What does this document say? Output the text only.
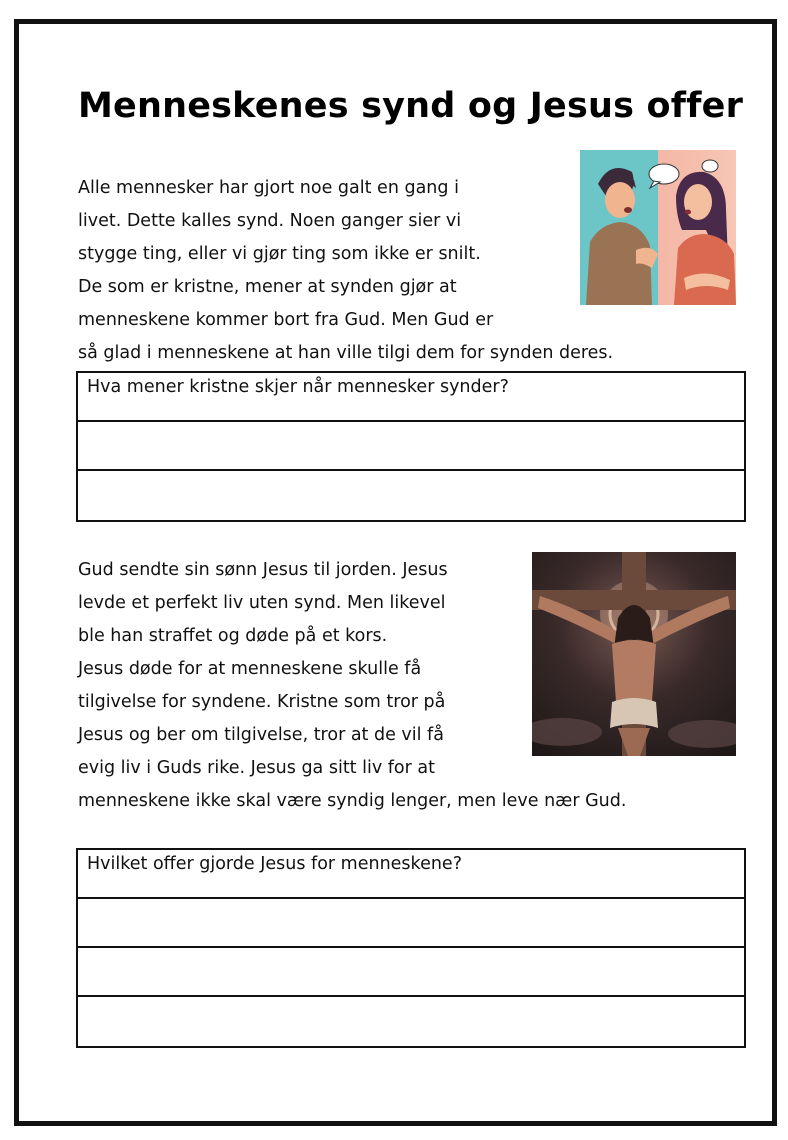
Menneskenes synd og Jesus offer
Alle mennesker har gjort noe galt en gang i
livet. Dette kalles synd. Noen ganger sier vi
stygge ting, eller vi gjør ting som ikke er snilt.
De som er kristne, mener at synden gjør at
menneskene kommer bort fra Gud. Men Gud er
så glad i menneskene at han ville tilgi dem for synden deres.
Hva mener kristne skjer når mennesker synder?
Gud sendte sin sønn Jesus til jorden. Jesus
levde et perfekt liv uten synd. Men likevel
ble han straffet og døde på et kors.
Jesus døde for at menneskene skulle få
tilgivelse for syndene. Kristne som tror på
Jesus og ber om tilgivelse, tror at de vil få
evig liv i Guds rike. Jesus ga sitt liv for at
menneskene ikke skal være syndig lenger, men leve nær Gud.
Hvilket offer gjorde Jesus for menneskene?
